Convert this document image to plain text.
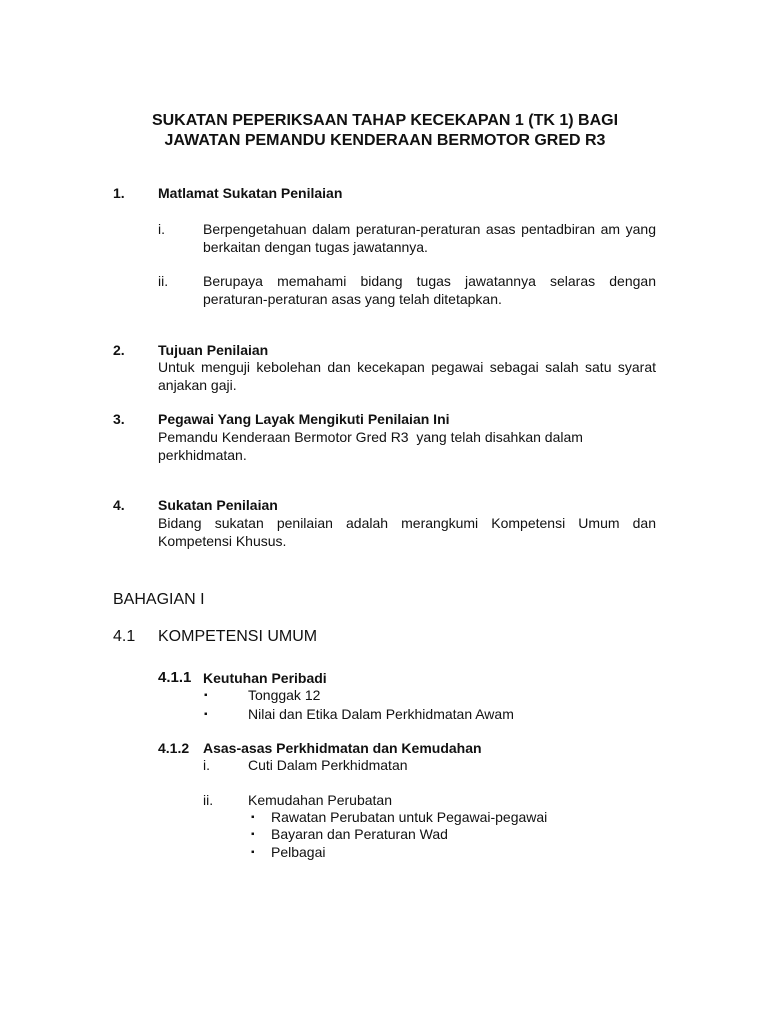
SUKATAN PEPERIKSAAN TAHAP KECEKAPAN 1 (TK 1) BAGI
JAWATAN PEMANDU KENDERAAN BERMOTOR GRED R3
1. Matlamat Sukatan Penilaian
i.	Berpengetahuan dalam peraturan-peraturan asas pentadbiran am yang berkaitan dengan tugas jawatannya.
ii. Berupaya memahami bidang tugas jawatannya selaras dengan peraturan-peraturan asas yang telah ditetapkan.
2. Tujuan Penilaian
Untuk menguji kebolehan dan kecekapan pegawai sebagai salah satu syarat anjakan gaji.
3. Pegawai Yang Layak Mengikuti Penilaian Ini
Pemandu Kenderaan Bermotor Gred R3  yang telah disahkan dalam
perkhidmatan.
4. Sukatan Penilaian
Bidang sukatan penilaian adalah merangkumi Kompetensi Umum dan Kompetensi Khusus.
BAHAGIAN I
4.1 KOMPETENSI UMUM
4.1.1 Keutuhan Peribadi
▪	Tonggak 12
▪	Nilai dan Etika Dalam Perkhidmatan Awam
4.1.2 Asas-asas Perkhidmatan dan Kemudahan
i.	Cuti Dalam Perkhidmatan
ii. Kemudahan Perubatan
▪ Rawatan Perubatan untuk Pegawai-pegawai
▪ Bayaran dan Peraturan Wad
▪ Pelbagai
